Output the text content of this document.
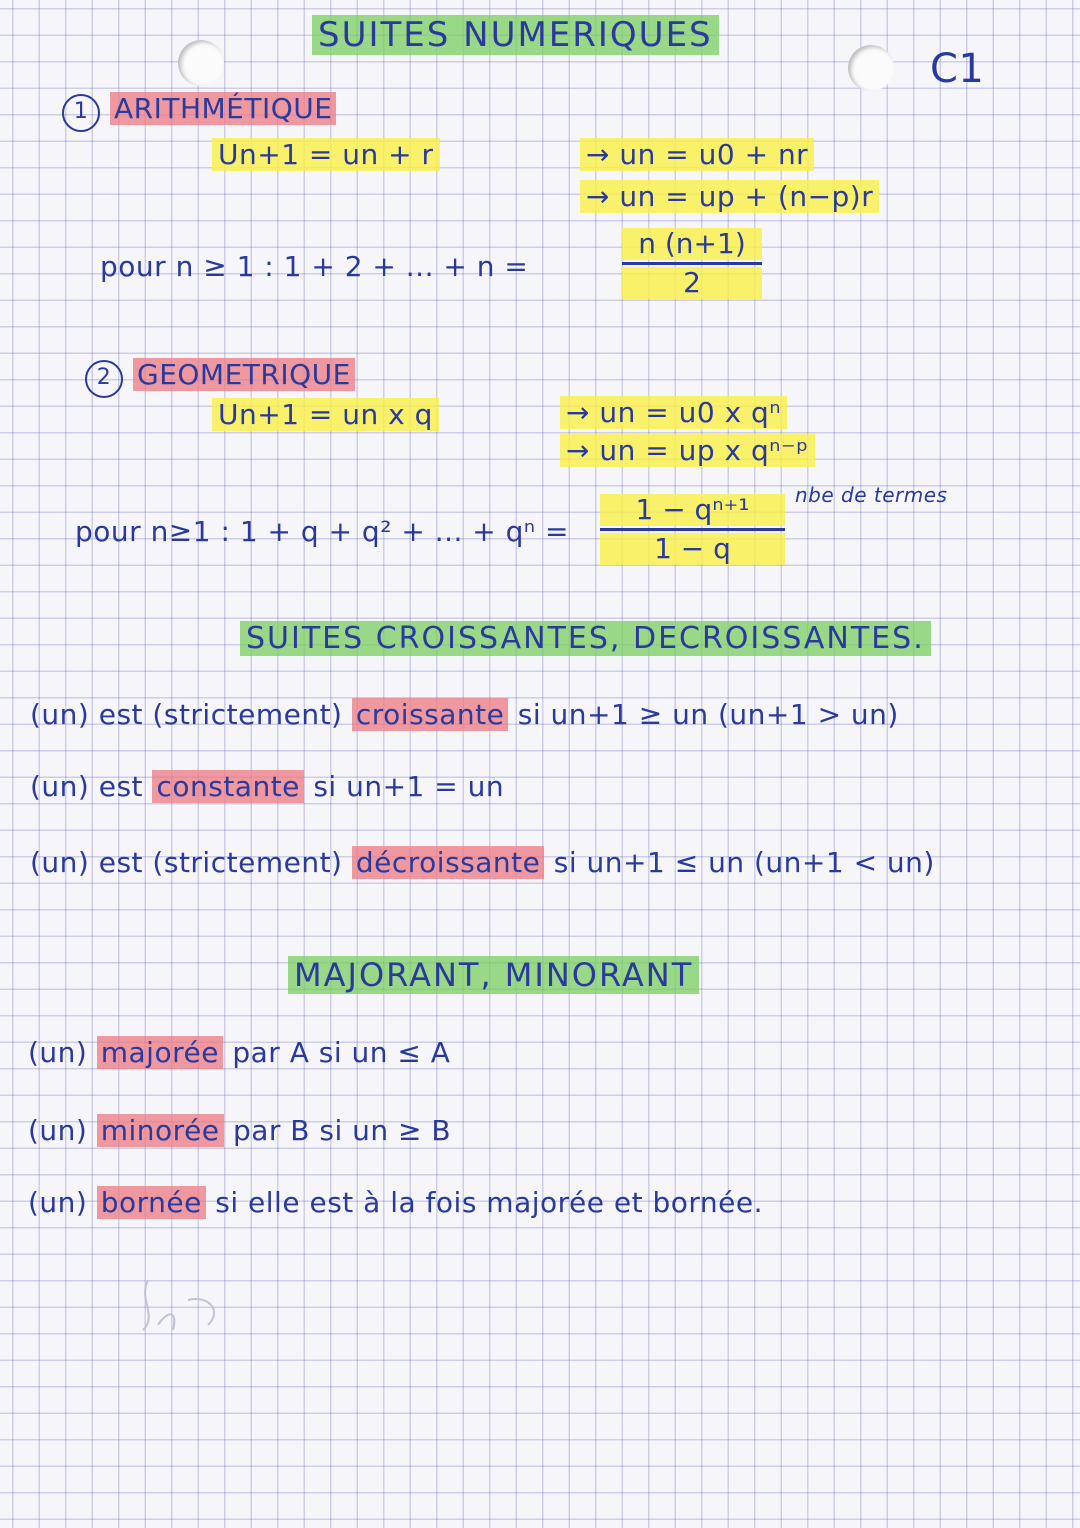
SUITES NUMERIQUES
C1
1 ARITHMÉTIQUE
Un+1 = un + r	→ un = u0 + nr
→ un = up + (n−p)r
pour n ≥ 1 : 1 + 2 + ... + n =
n (n+1)
2
2 GEOMETRIQUE
Un+1 = un x q	→ un = u0 x qⁿ
→ un = up x qⁿ⁻ᵖ
nbe de termes
pour n≥1 : 1 + q + q² + ... + qⁿ =
1 − qⁿ⁺¹
1 − q
SUITES CROISSANTES, DECROISSANTES.
(un) est (strictement) croissante si un+1 ≥ un (un+1 > un)
(un) est constante si un+1 = un
(un) est (strictement) décroissante si un+1 ≤ un (un+1 < un)
MAJORANT, MINORANT
(un) majorée par A si un ≤ A
(un) minorée par B si un ≥ B
(un) bornée si elle est à la fois majorée et bornée.
